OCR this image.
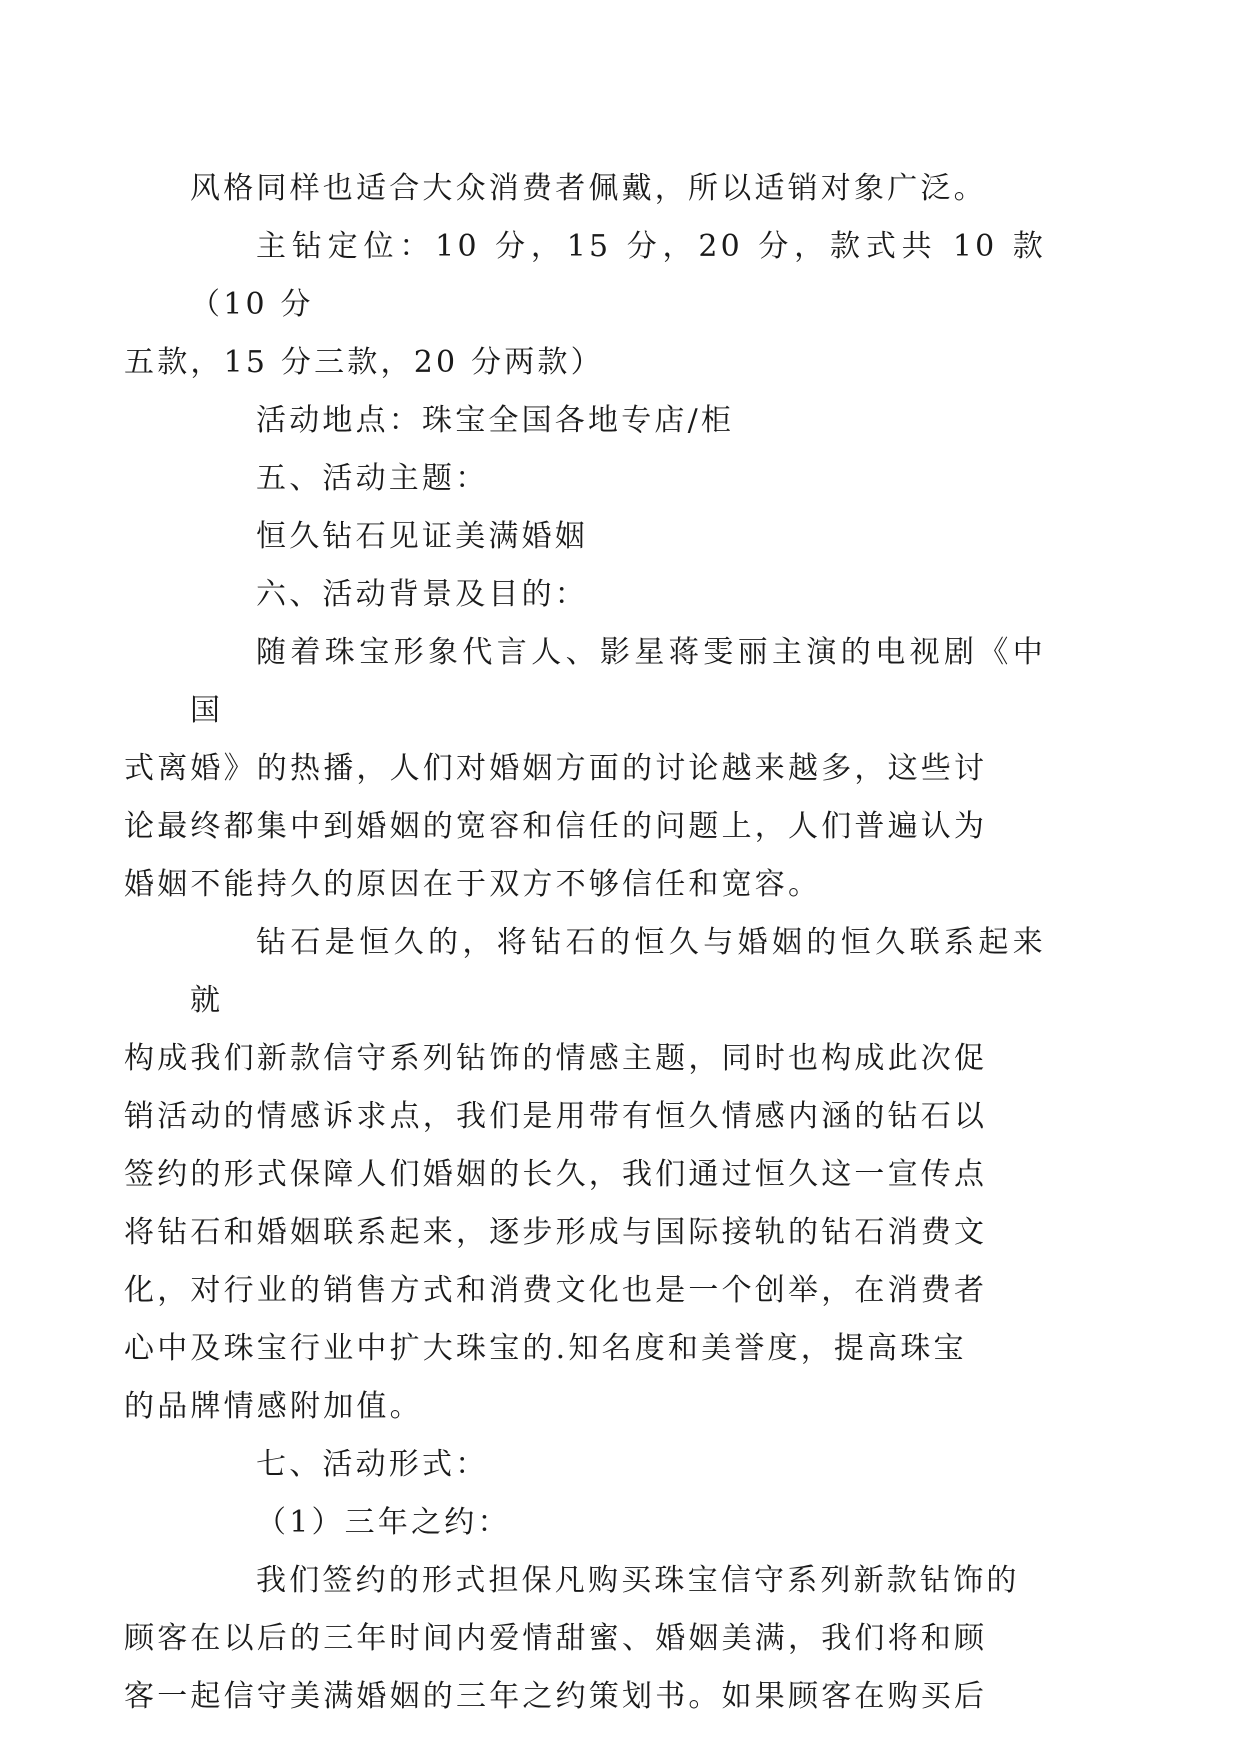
风格同样也适合大众消费者佩戴，所以适销对象广泛。

主钻定位：10 分，15 分，20 分，款式共 10 款（10 分
五款，15 分三款，20 分两款）

活动地点：珠宝全国各地专店/柜

五、活动主题：

恒久钻石见证美满婚姻

六、活动背景及目的：

随着珠宝形象代言人、影星蒋雯丽主演的电视剧《中国
式离婚》的热播，人们对婚姻方面的讨论越来越多，这些讨
论最终都集中到婚姻的宽容和信任的问题上，人们普遍认为
婚姻不能持久的原因在于双方不够信任和宽容。

钻石是恒久的，将钻石的恒久与婚姻的恒久联系起来就
构成我们新款信守系列钻饰的情感主题，同时也构成此次促
销活动的情感诉求点，我们是用带有恒久情感内涵的钻石以
签约的形式保障人们婚姻的长久，我们通过恒久这一宣传点
将钻石和婚姻联系起来，逐步形成与国际接轨的钻石消费文
化，对行业的销售方式和消费文化也是一个创举，在消费者
心中及珠宝行业中扩大珠宝的.知名度和美誉度，提高珠宝
的品牌情感附加值。

七、活动形式：

（1）三年之约：

我们签约的形式担保凡购买珠宝信守系列新款钻饰的
顾客在以后的三年时间内爱情甜蜜、婚姻美满，我们将和顾
客一起信守美满婚姻的三年之约策划书。如果顾客在购买后
